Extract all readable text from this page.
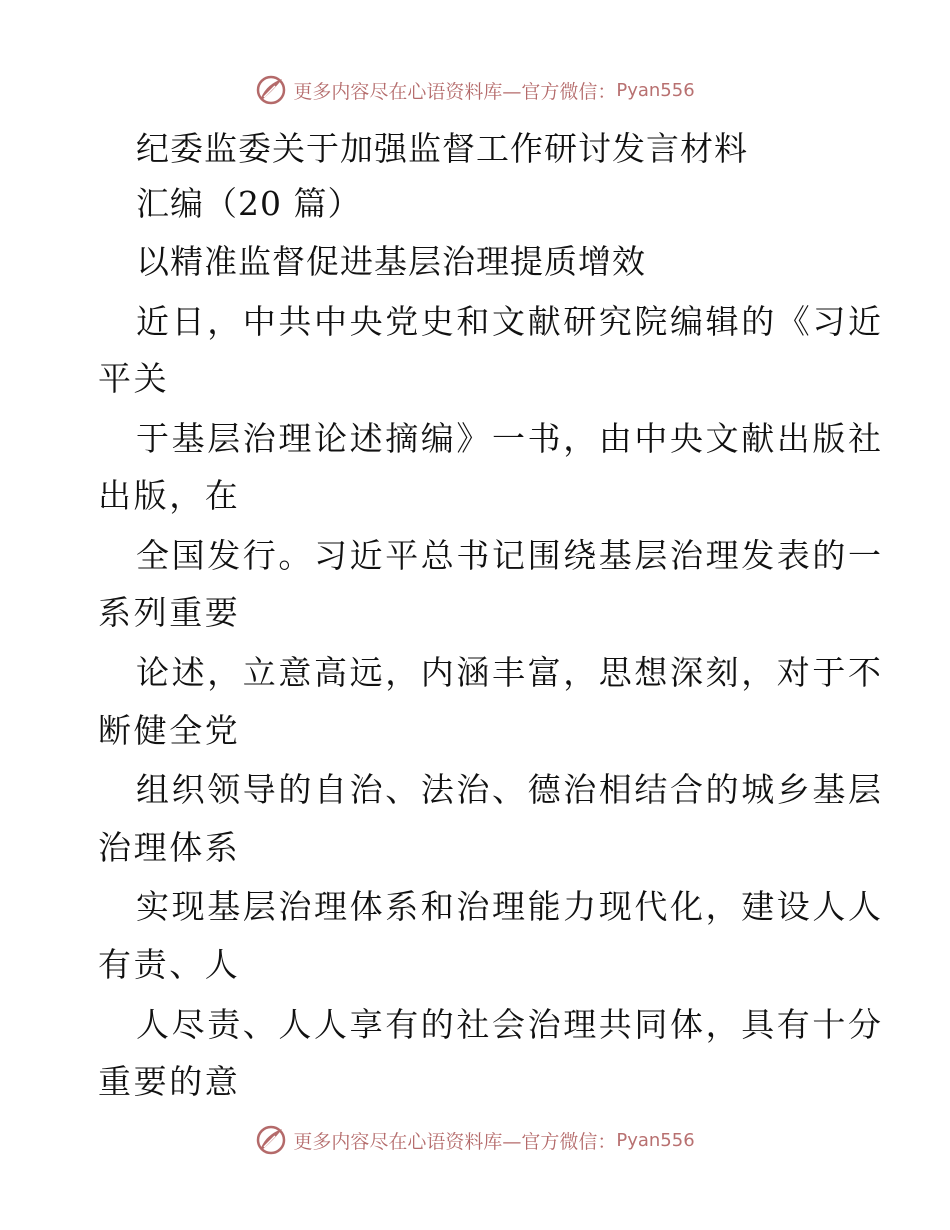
更多内容尽在心语资料库—官方微信： Pyan556
纪委监委关于加强监督工作研讨发言材料
汇编（20 篇）
以精准监督促进基层治理提质增效
近日，中共中央党史和文献研究院编辑的《习近
平关
于基层治理论述摘编》一书，由中央文献出版社
出版，在
全国发行。习近平总书记围绕基层治理发表的一
系列重要
论述，立意高远，内涵丰富，思想深刻，对于不
断健全党
组织领导的自治、法治、德治相结合的城乡基层
治理体系
实现基层治理体系和治理能力现代化，建设人人
有责、人
人尽责、人人享有的社会治理共同体，具有十分
重要的意
更多内容尽在心语资料库—官方微信： Pyan556
